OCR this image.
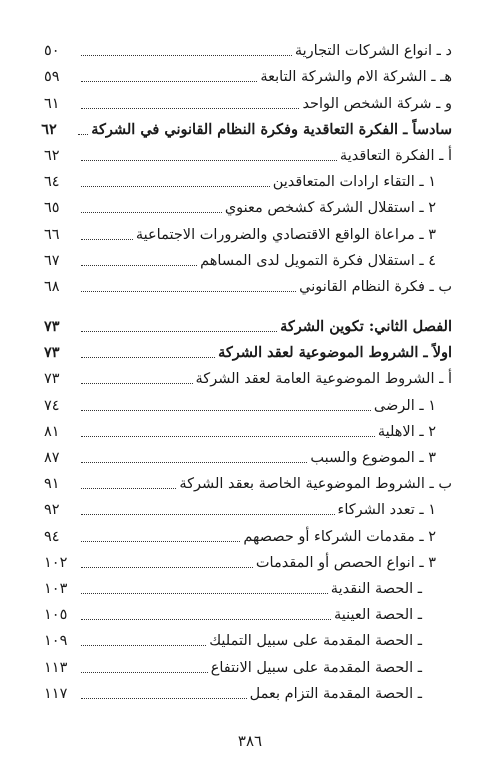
د ـ انواع الشركات التجارية
٥٠
هـ ـ الشركة الام والشركة التابعة
٥٩
و ـ شركة الشخص الواحد
٦١
سادساً ـ الفكرة التعاقدية وفكرة النظام القانوني في الشركة
٦٢
أ ـ الفكرة التعاقدية
٦٢
١ ـ التقاء ارادات المتعاقدين
٦٤
٢ ـ استقلال الشركة كشخص معنوي
٦٥
٣ ـ مراعاة الواقع الاقتصادي والضرورات الاجتماعية
٦٦
٤ ـ استقلال فكرة التمويل لدى المساهم
٦٧
ب ـ فكرة النظام القانوني
٦٨
الفصل الثاني: تكوين الشركة
٧٣
اولاً ـ الشروط الموضوعية لعقد الشركة
٧٣
أ ـ الشروط الموضوعية العامة لعقد الشركة
٧٣
١ ـ الرضى
٧٤
٢ ـ الاهلية
٨١
٣ ـ الموضوع والسبب
٨٧
ب ـ الشروط الموضوعية الخاصة بعقد الشركة
٩١
١ ـ تعدد الشركاء
٩٢
٢ ـ مقدمات الشركاء أو حصصهم
٩٤
٣ ـ انواع الحصص أو المقدمات
١٠٢
ـ الحصة النقدية
١٠٣
ـ الحصة العينية
١٠٥
ـ الحصة المقدمة على سبيل التمليك
١٠٩
ـ الحصة المقدمة على سبيل الانتفاع
١١٣
ـ الحصة المقدمة التزام بعمل
١١٧
٣٨٦
